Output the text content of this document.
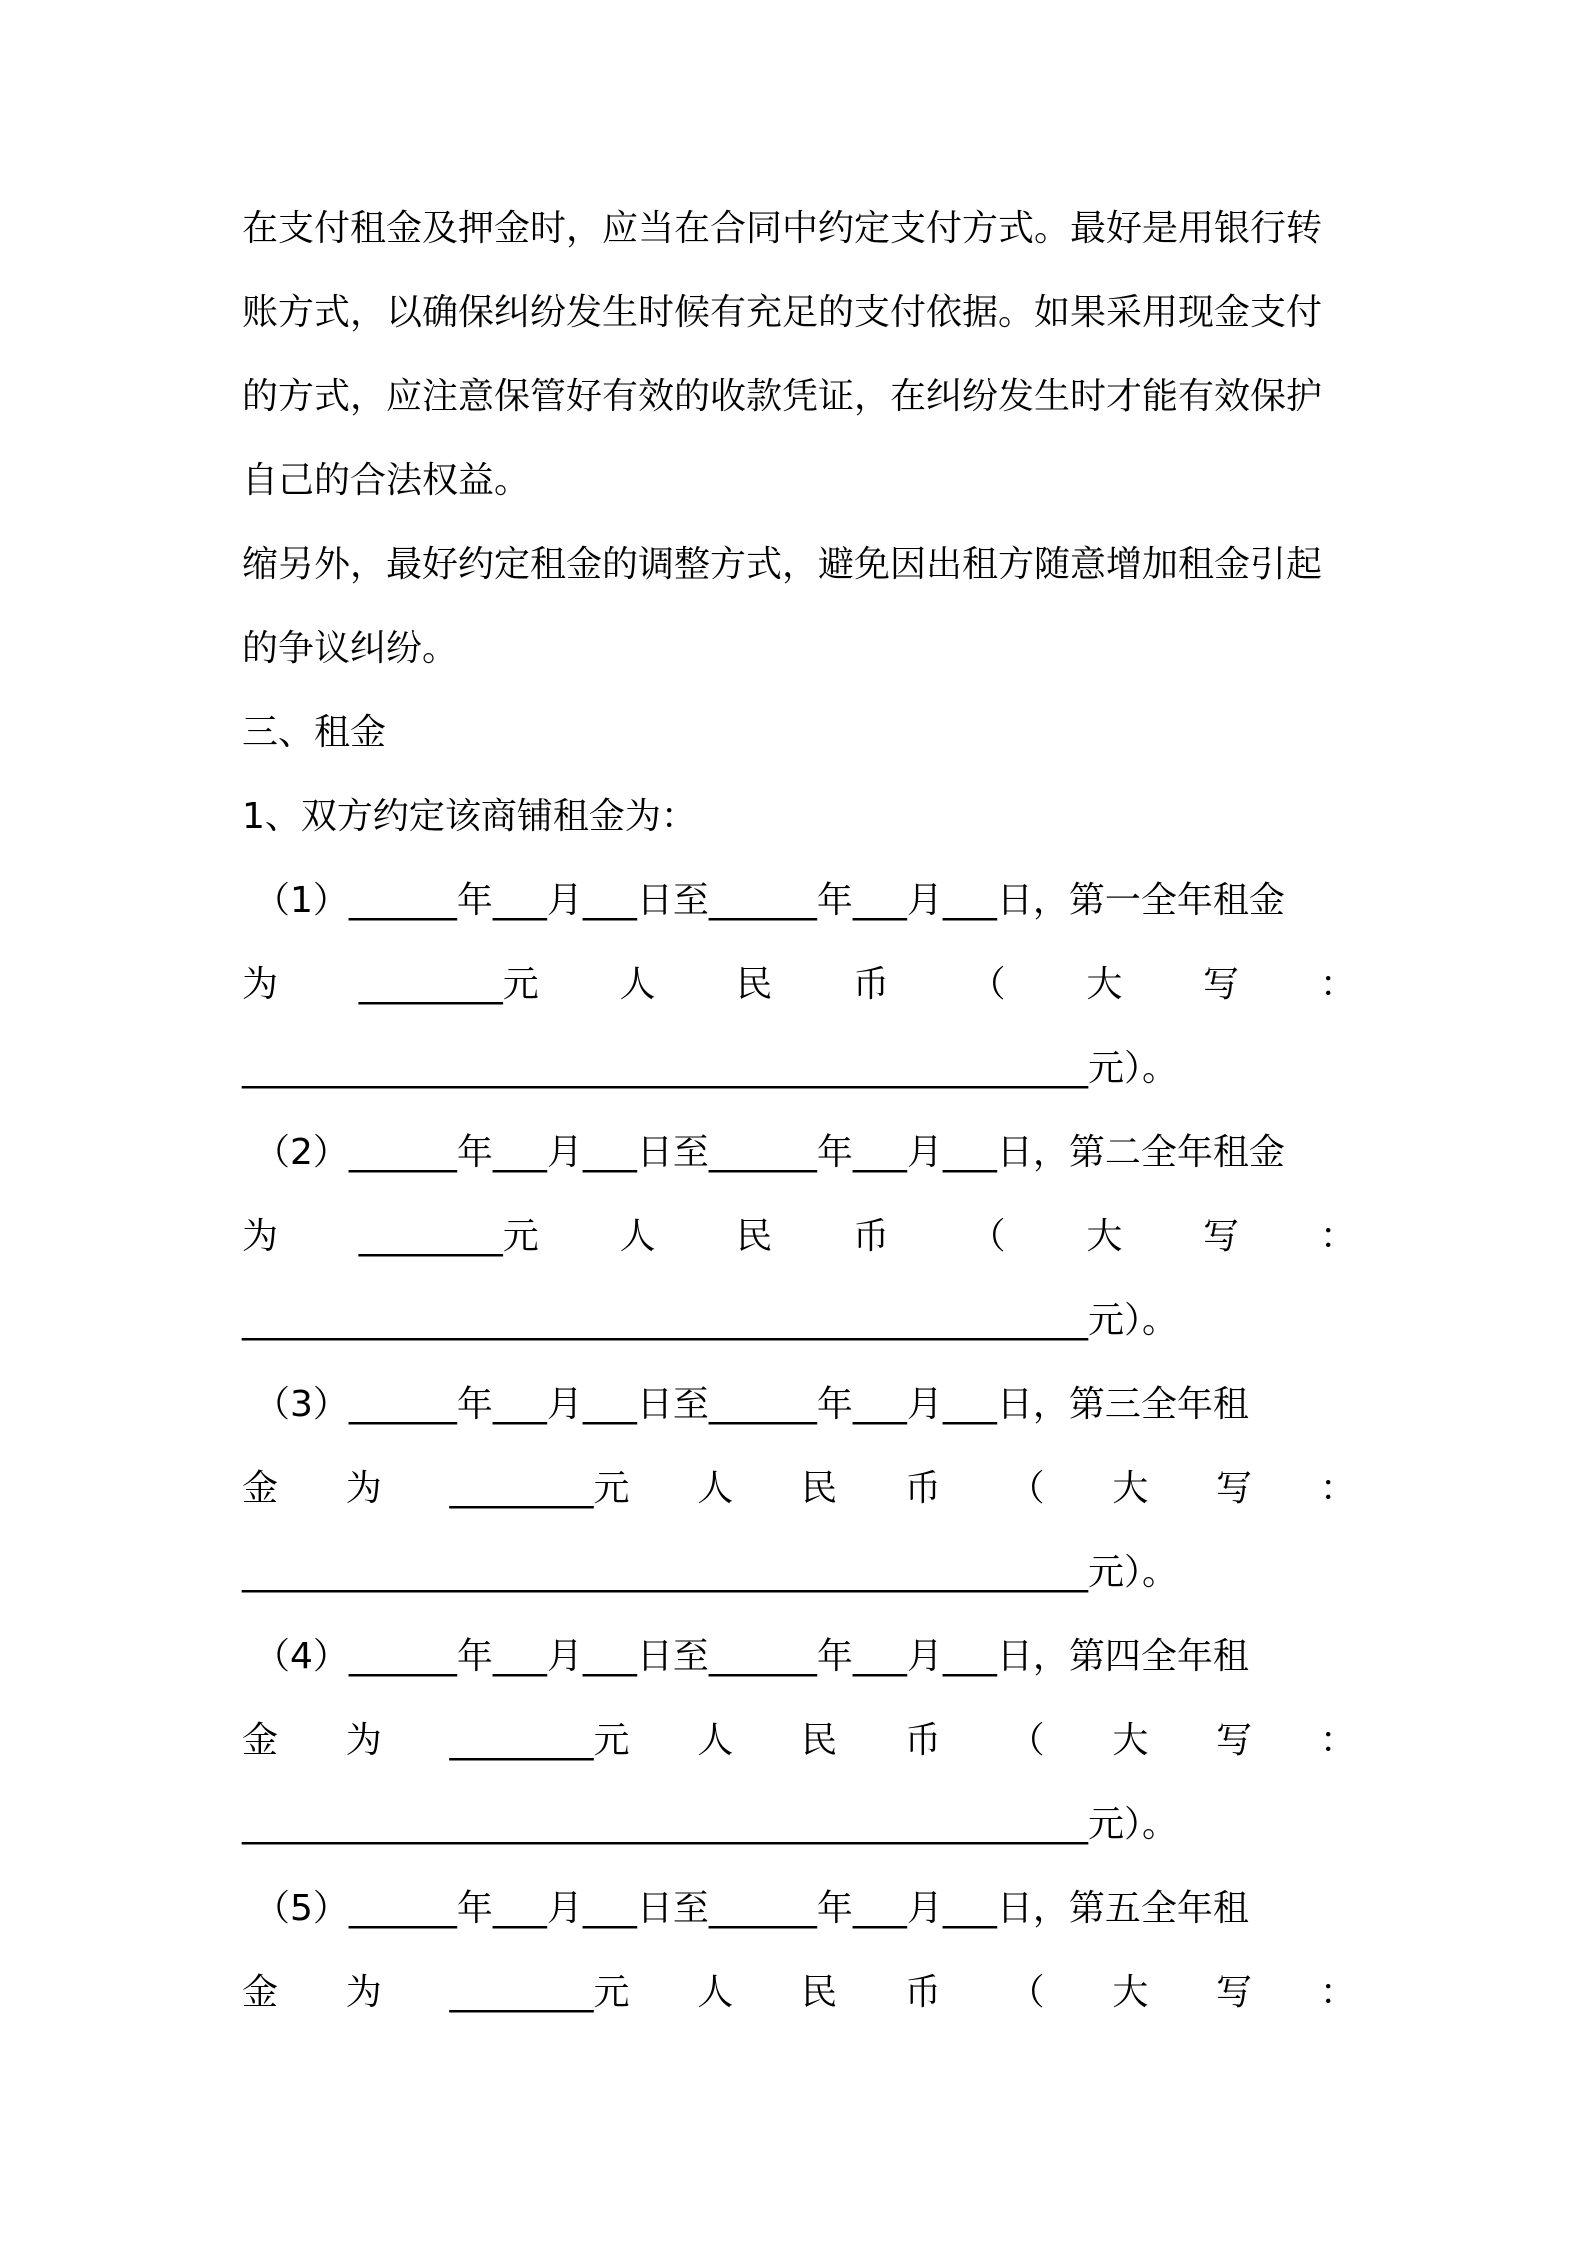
在支付租金及押金时，应当在合同中约定支付方式。最好是用银行转
账方式，以确保纠纷发生时候有充足的支付依据。如果采用现金支付
的方式，应注意保管好有效的收款凭证，在纠纷发生时才能有效保护
自己的合法权益。
缩另外，最好约定租金的调整方式，避免因出租方随意增加租金引起
的争议纠纷。
三、租金
1、双方约定该商铺租金为：
（1）______年___月___日至______年___月___日，第一全年租金
为 ________元 人 民 币 （ 大 写 ：
_______________________________________________元）。
（2）______年___月___日至______年___月___日，第二全年租金
为 ________元 人 民 币 （ 大 写 ：
_______________________________________________元）。
（3）______年___月___日至______年___月___日，第三全年租
金 为 ________元 人 民 币 （ 大 写 ：
_______________________________________________元）。
（4）______年___月___日至______年___月___日，第四全年租
金 为 ________元 人 民 币 （ 大 写 ：
_______________________________________________元）。
（5）______年___月___日至______年___月___日，第五全年租
金 为 ________元 人 民 币 （ 大 写 ：
